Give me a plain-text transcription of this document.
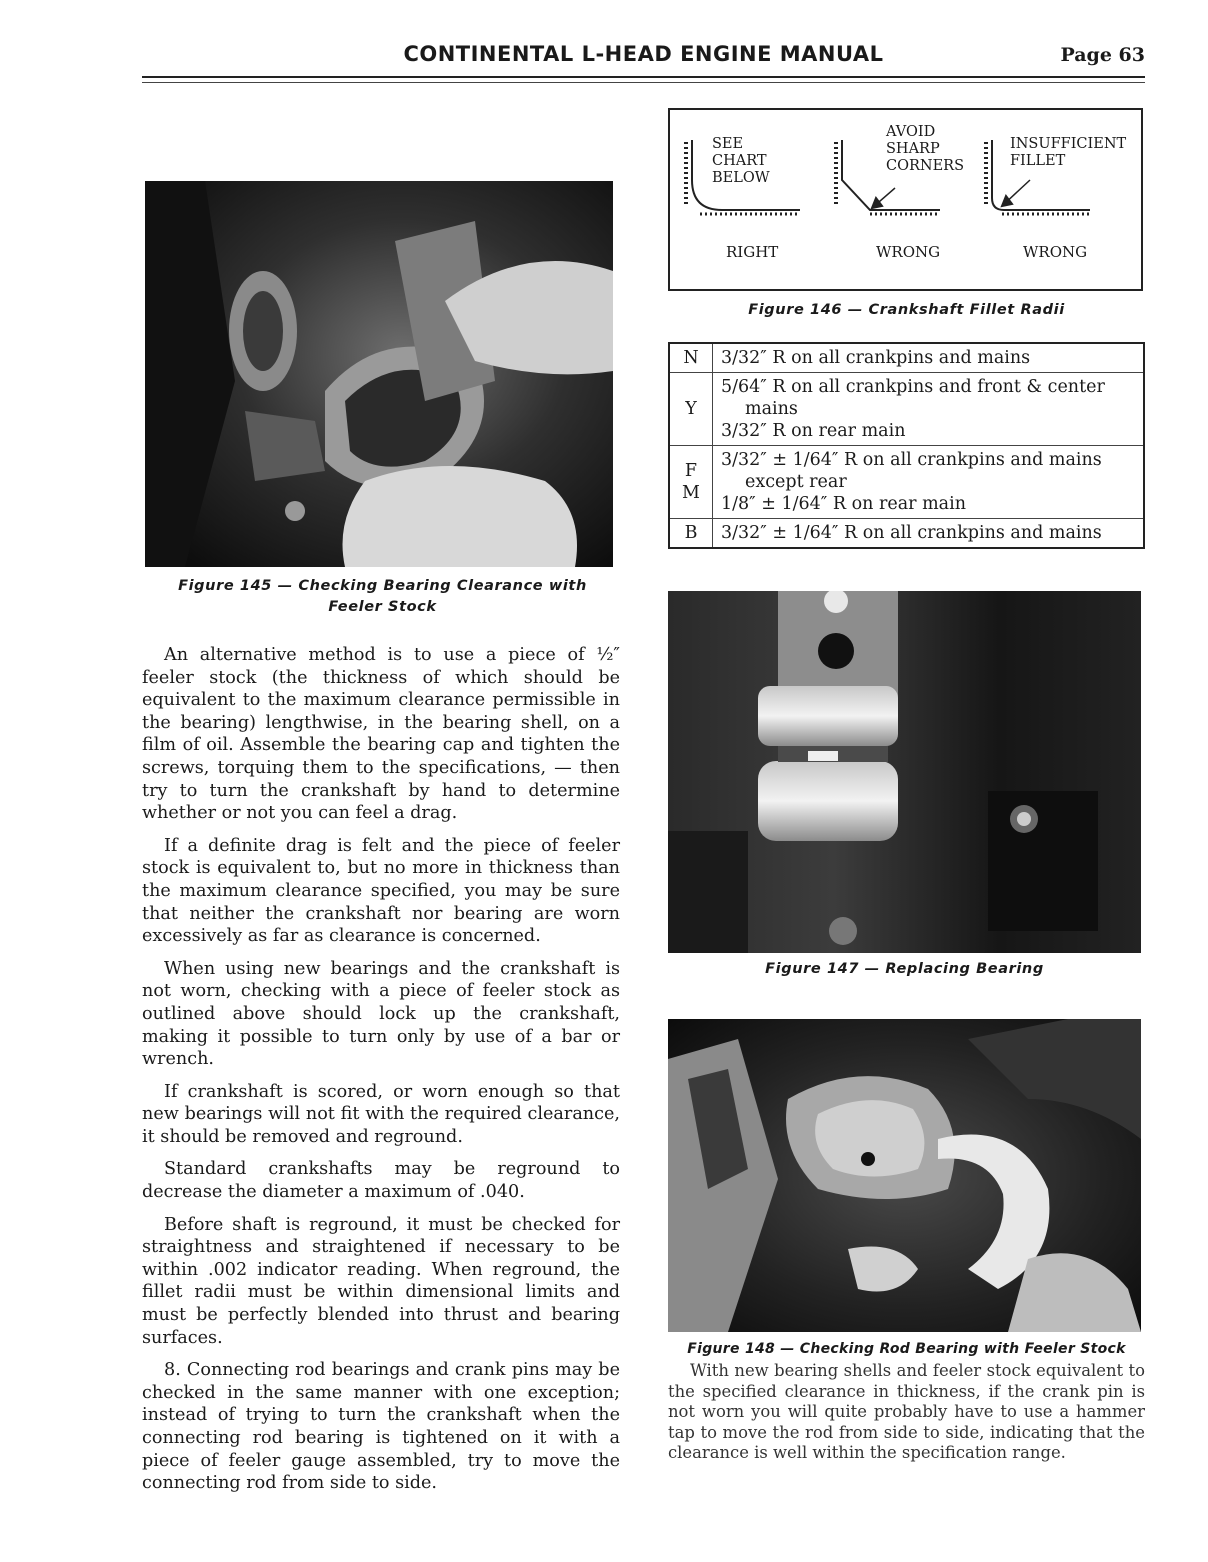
CONTINENTAL L-HEAD ENGINE MANUAL	Page 63
Figure 145 — Checking Bearing Clearance with Feeler Stock

An alternative method is to use a piece of ½″ feeler stock (the thickness of which should be equivalent to the maximum clearance permissible in the bearing) lengthwise, in the bearing shell, on a film of oil. Assemble the bearing cap and tighten the screws, torquing them to the specifications, — then try to turn the crankshaft by hand to determine whether or not you can feel a drag.

If a definite drag is felt and the piece of feeler stock is equivalent to, but no more in thickness than the maximum clearance specified, you may be sure that neither the crankshaft nor bearing are worn excessively as far as clearance is concerned.

When using new bearings and the crankshaft is not worn, checking with a piece of feeler stock as outlined above should lock up the crankshaft, making it possible to turn only by use of a bar or wrench.

If crankshaft is scored, or worn enough so that new bearings will not fit with the required clearance, it should be removed and reground.

Standard crankshafts may be reground to decrease the diameter a maximum of .040.

Before shaft is reground, it must be checked for straightness and straightened if necessary to be within .002 indicator reading. When reground, the fillet radii must be within dimensional limits and must be perfectly blended into thrust and bearing surfaces.

8. Connecting rod bearings and crank pins may be checked in the same manner with one exception; instead of trying to turn the crankshaft when the connecting rod bearing is tightened on it with a piece of feeler gauge assembled, try to move the connecting rod from side to side.

SEE
CHART
BELOW
AVOID
SHARP
CORNERS
INSUFFICIENT
FILLET
RIGHT	WRONG	WRONG
Figure 146 — Crankshaft Fillet Radii
N	3/32″ R on all crankpins and mains

Y	5/64″ R on all crankpins and front & center
mains
3/32″ R on rear main

F
M	3/32″ ± 1/64″ R on all crankpins and mains
except rear
1/8″ ± 1/64″ R on rear main

B	3/32″ ± 1/64″ R on all crankpins and mains
Figure 147 — Replacing Bearing
Figure 148 — Checking Rod Bearing with Feeler Stock

With new bearing shells and feeler stock equivalent to the specified clearance in thickness, if the crank pin is not worn you will quite probably have to use a hammer tap to move the rod from side to side, indicating that the clearance is well within the specification range.
